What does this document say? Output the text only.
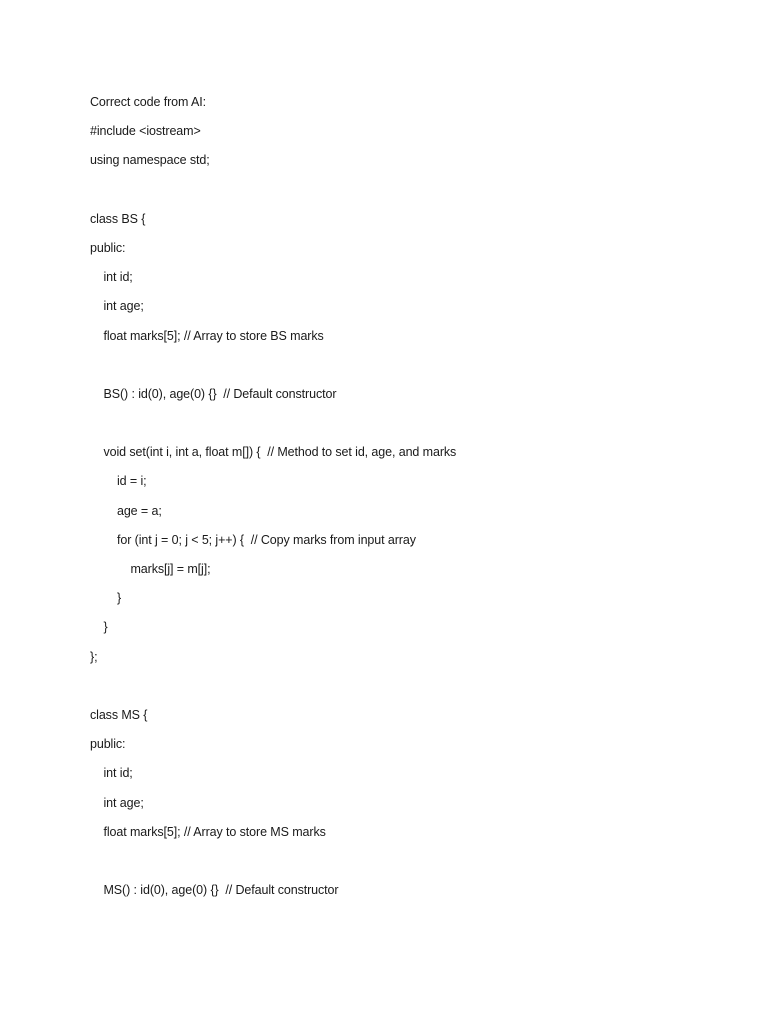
Correct code from AI:
#include <iostream>
using namespace std;
class BS {
public:
int id;
int age;
float marks[5]; // Array to store BS marks
BS() : id(0), age(0) {}  // Default constructor
void set(int i, int a, float m[]) {  // Method to set id, age, and marks
id = i;
age = a;
for (int j = 0; j < 5; j++) {  // Copy marks from input array
marks[j] = m[j];
}
}
};
class MS {
public:
int id;
int age;
float marks[5]; // Array to store MS marks
MS() : id(0), age(0) {}  // Default constructor
